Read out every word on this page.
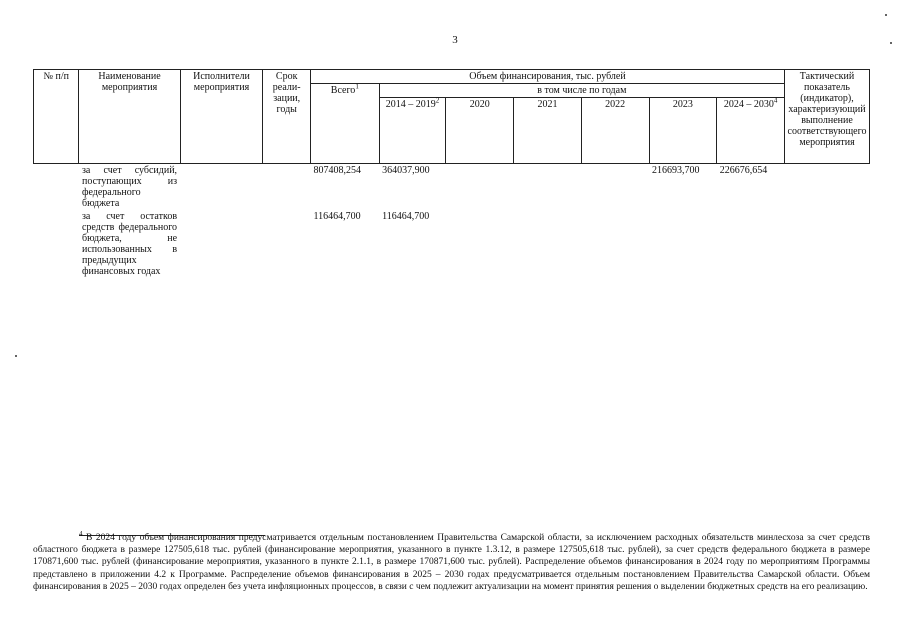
3
№ п/п	Наименование мероприятия	Исполнители мероприятия	Срок реали-зации, годы	Объем финансирования, тыс. рублей							Тактический показатель (индикатор), характеризующий выполнение соответствующего мероприятия
				Всего$^1$	в том числе по годам						
					2014 – 2019$^2$	2020	2021	2022	2023	2024 – 2030$^4$
	за счет субсидий, поступающих из федерального бюджета			807408,254	364037,900				216693,700	226676,654	
	за счет остатков средств федерального бюджета, не использованных в предыдущих финансовых годах			116464,700	116464,700						
$^4$ В 2024 году объем финансирования предусматривается отдельным постановлением Правительства Самарской области, за исключением расходных обязательств минлесхоза за счет средств областного бюджета в размере 127505,618 тыс. рублей (финансирование мероприятия, указанного в пункте 1.3.12, в размере 127505,618 тыс. рублей), за счет средств федерального бюджета в размере 170871,600 тыс. рублей (финансирование мероприятия, указанного в пункте 2.1.1, в размере 170871,600 тыс. рублей). Распределение объемов финансирования в 2024 году по мероприятиям Программы представлено в приложении 4.2 к Программе. Распределение объемов финансирования в 2025 – 2030 годах предусматривается отдельным постановлением Правительства Самарской области. Объем финансирования в 2025 – 2030 годах определен без учета инфляционных процессов, в связи с чем подлежит актуализации на момент принятия решения о выделении бюджетных средств на его реализацию.
